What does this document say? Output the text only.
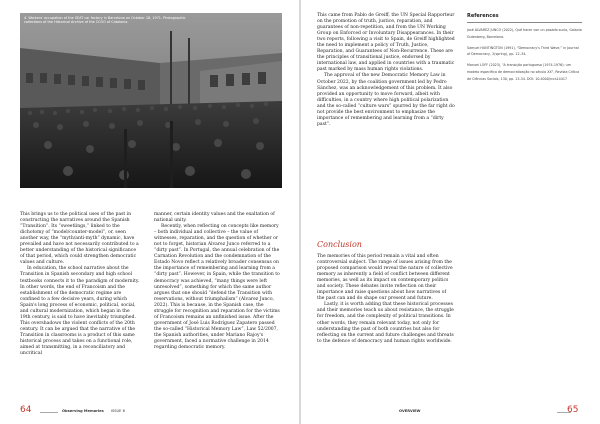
4. Workers' occupation of the SEAT car factory in Barcelona on October 18, 1971. Photographic collections of the Historical Archive of the CCOO of Catalonia.

This brings us to the political uses of the past in constructing the narratives around the Spanish “Transition”. Its “sweetlings,” linked to the dichotomy of “model/counter-model”, or, seen another way, the “myth/anti-myth” dynamic, have prevailed and have not necessarily contributed to a better understanding of the historical significance of that period, which could strengthen democratic values and culture.

In education, the school narrative about the Transition in Spanish secondary and high school textbooks connects it to the paradigm of modernity. In other words, the end of Francoism and the establishment of the democratic regime are confined to a few decisive years, during which Spain's long process of economic, political, social, and cultural modernization, which began in the 19th century, is said to have inevitably triumphed. This overshadows the violent conflicts of the 20th century. It can be argued that the narrative of the Transition in classrooms is a product of this same historical process and takes on a functional role, aimed at transmitting, in a reconciliatory and uncritical

manner, certain identity values and the exaltation of national unity.

Recently, when reflecting on concepts like memory – both individual and collective – the value of witnesses, reparation, and the question of whether or not to forget, historian Alvarez Junco referred to a “dirty past”. In Portugal, the annual celebration of the Carnation Revolution and the condemnation of the Estado Novo reflect a relatively broader consensus on the importance of remembering and learning from a “dirty past”. However, in Spain, while the transition to democracy was achieved, “many things were left unresolved”, something for which the same author argues that one should “defend the Transition with reservations, without triumphalism” (Alvarez Junco, 2022). This is because, in the Spanish case, the struggle for recognition and reparation for the victims of Francoism remains an unfinished issue. After the government of José Luis Rodríguez Zapatero passed the so-called “Historical Memory Law”, Law 52/2007, the Spanish authorities, under Mariano Rajoy's government, faced a normative challenge in 2014 regarding democratic memory.

64	Observing Memories ISSUE 6

This came from Pablo de Greiff, the UN Special Rapporteur on the promotion of truth, justice, reparation, and guarantees of non-repetition, and from the UN Working Group on Enforced or Involuntary Disappearances. In their two reports, following a visit to Spain, de Greiff highlighted the need to implement a policy of Truth, Justice, Reparation, and Guarantees of Non-Recurrence. These are the principles of transitional justice, endorsed by international law, and applied in countries with a traumatic past marked by mass human rights violations.

The approval of the new Democratic Memory Law in October 2022, by the coalition government led by Pedro Sánchez, was an acknowledgement of this problem. It also provided an opportunity to move forward, albeit with difficulties, in a country where high political polarization and the so-called “culture wars” spurred by the far right do not provide the best environment to emphasize the importance of remembering and learning from a “dirty past”.

Conclusion

The memories of this period remain a vital and often controversial subject. The range of issues arising from the proposed comparison would reveal the nature of collective memory as inherently a field of conflict between different memories, as well as its impact on contemporary politics and society. These debates invite reflection on their importance and raise questions about how narratives of the past can and do shape our present and future.

Lastly, it is worth adding that these historical processes and their memories teach us about resistance, the struggle for freedom, and the complexity of political transitions. In other words, they remain relevant today, not only for understanding the past of both countries but also for reflecting on the current and future challenges and threats to the defence of democracy and human rights worldwide.

References
José ÁLVAREZ JUNCO (2022), Qué hacer con un pasado sucio, Galaxia Gutenberg, Barcelona.
Samuel HUNTINGTON (1991), “Democracy's Third Wave,” in Journal of Democracy, 2(spring), pp. 12–34.
Manuel LOFF (2023), “A transição portuguesa (1974-1976): um modelo específico de democratização no século XX”, Revista Crítica de Ciências Sociais, 130, pp. 13-34. DOI: 10.4000/rccs14417
OVERVIEW	65
